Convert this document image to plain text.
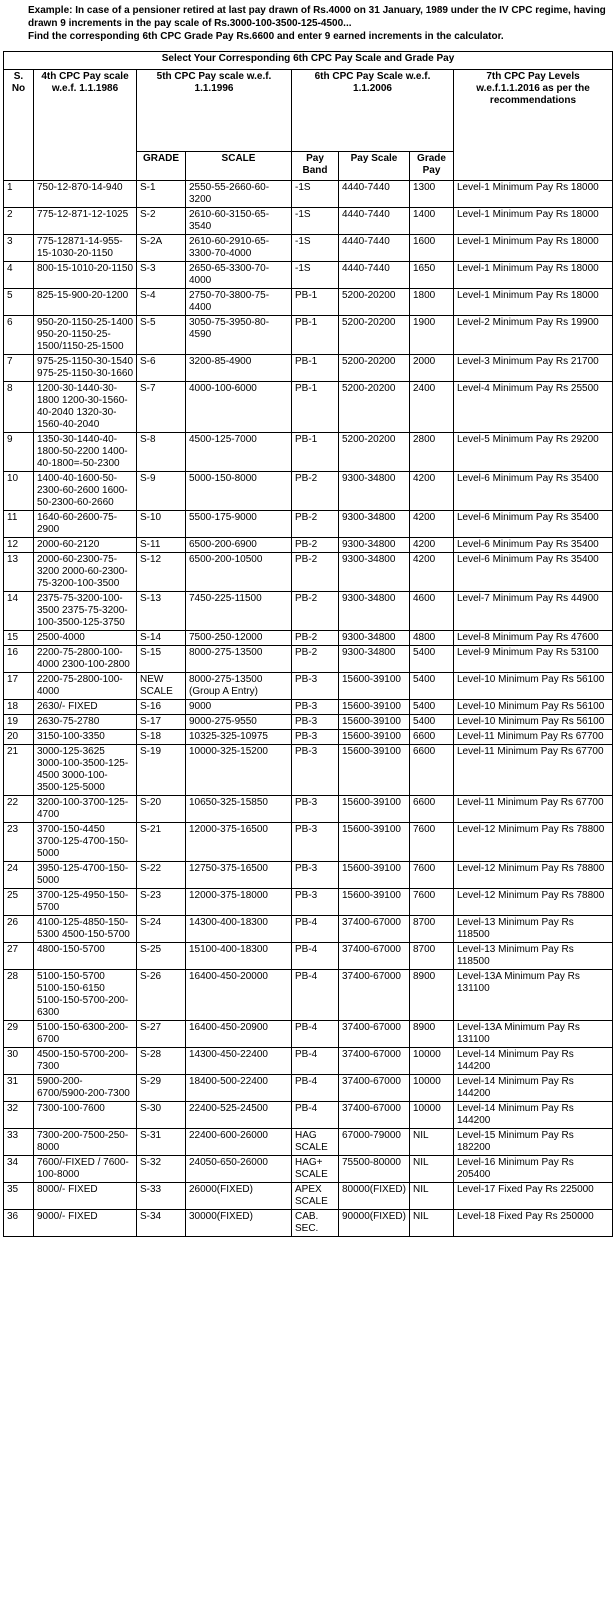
Example: In case of a pensioner retired at last pay drawn of Rs.4000 on 31 January, 1989 under the IV CPC regime, having drawn 9 increments in the pay scale of Rs.3000-100-3500-125-4500...

Find the corresponding 6th CPC Grade Pay Rs.6600 and enter 9 earned increments in the calculator.

Select Your Corresponding 6th CPC Pay Scale and Grade Pay							
S. No	4th CPC Pay scale w.e.f. 1.1.1986	5th CPC Pay scale w.e.f. 1.1.1996		6th CPC Pay Scale w.e.f. 1.1.2006			7th CPC Pay Levels w.e.f.1.1.2016 as per the recommendations
		GRADE	SCALE	Pay Band	Pay Scale	Grade Pay	
1	750-12-870-14-940	S-1	2550-55-2660-60-3200	-1S	4440-7440	1300	Level-1 Minimum Pay Rs 18000
2	775-12-871-12-1025	S-2	2610-60-3150-65-3540	-1S	4440-7440	1400	Level-1 Minimum Pay Rs 18000
3	775-12871-14-955-15-1030-20-1150	S-2A	2610-60-2910-65-3300-70-4000	-1S	4440-7440	1600	Level-1 Minimum Pay Rs 18000
4	800-15-1010-20-1150	S-3	2650-65-3300-70-4000	-1S	4440-7440	1650	Level-1 Minimum Pay Rs 18000
5	825-15-900-20-1200	S-4	2750-70-3800-75-4400	PB-1	5200-20200	1800	Level-1 Minimum Pay Rs 18000
6	950-20-1150-25-1400 950-20-1150-25-1500/1150-25-1500	S-5	3050-75-3950-80-4590	PB-1	5200-20200	1900	Level-2 Minimum Pay Rs 19900
7	975-25-1150-30-1540 975-25-1150-30-1660	S-6	3200-85-4900	PB-1	5200-20200	2000	Level-3 Minimum Pay Rs 21700
8	1200-30-1440-30-1800 1200-30-1560-40-2040 1320-30-1560-40-2040	S-7	4000-100-6000	PB-1	5200-20200	2400	Level-4 Minimum Pay Rs 25500
9	1350-30-1440-40-1800-50-2200 1400-40-1800=-50-2300	S-8	4500-125-7000	PB-1	5200-20200	2800	Level-5 Minimum Pay Rs 29200
10	1400-40-1600-50-2300-60-2600 1600-50-2300-60-2660	S-9	5000-150-8000	PB-2	9300-34800	4200	Level-6 Minimum Pay Rs 35400
11	1640-60-2600-75-2900	S-10	5500-175-9000	PB-2	9300-34800	4200	Level-6 Minimum Pay Rs 35400
12	2000-60-2120	S-11	6500-200-6900	PB-2	9300-34800	4200	Level-6 Minimum Pay Rs 35400
13	2000-60-2300-75-3200 2000-60-2300-75-3200-100-3500	S-12	6500-200-10500	PB-2	9300-34800	4200	Level-6 Minimum Pay Rs 35400
14	2375-75-3200-100-3500 2375-75-3200-100-3500-125-3750	S-13	7450-225-11500	PB-2	9300-34800	4600	Level-7 Minimum Pay Rs 44900
15	2500-4000	S-14	7500-250-12000	PB-2	9300-34800	4800	Level-8 Minimum Pay Rs 47600
16	2200-75-2800-100-4000 2300-100-2800	S-15	8000-275-13500	PB-2	9300-34800	5400	Level-9 Minimum Pay Rs 53100
17	2200-75-2800-100-4000	NEW SCALE	8000-275-13500 (Group A Entry)	PB-3	15600-39100	5400	Level-10 Minimum Pay Rs 56100
18	2630/- FIXED	S-16	9000	PB-3	15600-39100	5400	Level-10 Minimum Pay Rs 56100
19	2630-75-2780	S-17	9000-275-9550	PB-3	15600-39100	5400	Level-10 Minimum Pay Rs 56100
20	3150-100-3350	S-18	10325-325-10975	PB-3	15600-39100	6600	Level-11 Minimum Pay Rs 67700
21	3000-125-3625 3000-100-3500-125-4500 3000-100-3500-125-5000	S-19	10000-325-15200	PB-3	15600-39100	6600	Level-11 Minimum Pay Rs 67700
22	3200-100-3700-125-4700	S-20	10650-325-15850	PB-3	15600-39100	6600	Level-11 Minimum Pay Rs 67700
23	3700-150-4450 3700-125-4700-150-5000	S-21	12000-375-16500	PB-3	15600-39100	7600	Level-12 Minimum Pay Rs 78800
24	3950-125-4700-150-5000	S-22	12750-375-16500	PB-3	15600-39100	7600	Level-12 Minimum Pay Rs 78800
25	3700-125-4950-150-5700	S-23	12000-375-18000	PB-3	15600-39100	7600	Level-12 Minimum Pay Rs 78800
26	4100-125-4850-150-5300 4500-150-5700	S-24	14300-400-18300	PB-4	37400-67000	8700	Level-13 Minimum Pay Rs 118500
27	4800-150-5700	S-25	15100-400-18300	PB-4	37400-67000	8700	Level-13 Minimum Pay Rs 118500
28	5100-150-5700 5100-150-6150 5100-150-5700-200-6300	S-26	16400-450-20000	PB-4	37400-67000	8900	Level-13A Minimum Pay Rs 131100
29	5100-150-6300-200-6700	S-27	16400-450-20900	PB-4	37400-67000	8900	Level-13A Minimum Pay Rs 131100
30	4500-150-5700-200-7300	S-28	14300-450-22400	PB-4	37400-67000	10000	Level-14 Minimum Pay Rs 144200
31	5900-200-6700/5900-200-7300	S-29	18400-500-22400	PB-4	37400-67000	10000	Level-14 Minimum Pay Rs 144200
32	7300-100-7600	S-30	22400-525-24500	PB-4	37400-67000	10000	Level-14 Minimum Pay Rs 144200
33	7300-200-7500-250-8000	S-31	22400-600-26000	HAG SCALE	67000-79000	NIL	Level-15 Minimum Pay Rs 182200
34	7600/-FIXED / 7600-100-8000	S-32	24050-650-26000	HAG+ SCALE	75500-80000	NIL	Level-16 Minimum Pay Rs 205400
35	8000/- FIXED	S-33	26000(FIXED)	APEX SCALE	80000(FIXED)	NIL	Level-17 Fixed Pay Rs 225000
36	9000/- FIXED	S-34	30000(FIXED)	CAB. SEC.	90000(FIXED)	NIL	Level-18 Fixed Pay Rs 250000
